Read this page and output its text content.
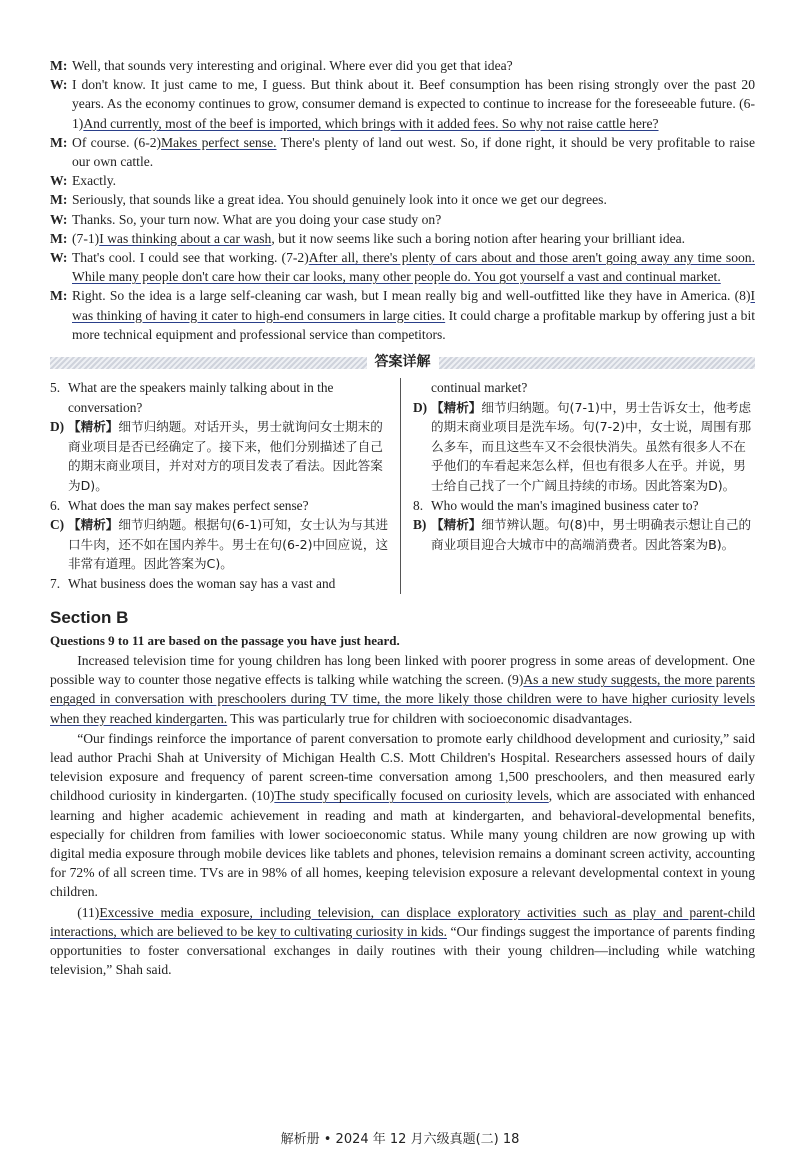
M: Well, that sounds very interesting and original. Where ever did you get that idea?
W: I don't know. It just came to me, I guess. But think about it. Beef consumption has been rising strongly over the past 20 years. As the economy continues to grow, consumer demand is expected to continue to increase for the foreseeable future. (6-1)And currently, most of the beef is imported, which brings with it added fees. So why not raise cattle here?
M: Of course. (6-2)Makes perfect sense. There's plenty of land out west. So, if done right, it should be very profitable to raise our own cattle.
W: Exactly.
M: Seriously, that sounds like a great idea. You should genuinely look into it once we get our degrees.
W: Thanks. So, your turn now. What are you doing your case study on?
M: (7-1)I was thinking about a car wash, but it now seems like such a boring notion after hearing your brilliant idea.
W: That's cool. I could see that working. (7-2)After all, there's plenty of cars about and those aren't going away any time soon. While many people don't care how their car looks, many other people do. You got yourself a vast and continual market.
M: Right. So the idea is a large self-cleaning car wash, but I mean really big and well-outfitted like they have in America. (8)I was thinking of having it cater to high-end consumers in large cities. It could charge a profitable markup by offering just a bit more technical equipment and professional service than competitors.
答案详解
5. What are the speakers mainly talking about in the conversation?
D) 【精析】细节归纳题。对话开头，男士就询问女士期末的商业项目是否已经确定了。接下来，他们分别描述了自己的期末商业项目，并对对方的项目发表了看法。因此答案为D)。
6. What does the man say makes perfect sense?
C) 【精析】细节归纳题。根据句(6-1)可知，女士认为与其进口牛肉，还不如在国内养牛。男士在句(6-2)中回应说，这非常有道理。因此答案为C)。
7. What business does the woman say has a vast and
continual market?
D) 【精析】细节归纳题。句(7-1)中，男士告诉女士，他考虑的期末商业项目是洗车场。句(7-2)中，女士说，周围有那么多车，而且这些车又不会很快消失。虽然有很多人不在乎他们的车看起来怎么样，但也有很多人在乎。并说，男士给自己找了一个广阔且持续的市场。因此答案为D)。
8. Who would the man's imagined business cater to?
B) 【精析】细节辨认题。句(8)中，男士明确表示想让自己的商业项目迎合大城市中的高端消费者。因此答案为B)。
Section B
Questions 9 to 11 are based on the passage you have just heard.
Increased television time for young children has long been linked with poorer progress in some areas of development. One possible way to counter those negative effects is talking while watching the screen. (9)As a new study suggests, the more parents engaged in conversation with preschoolers during TV time, the more likely those children were to have higher curiosity levels when they reached kindergarten. This was particularly true for children with socioeconomic disadvantages.
“Our findings reinforce the importance of parent conversation to promote early childhood development and curiosity,” said lead author Prachi Shah at University of Michigan Health C.S. Mott Children's Hospital. Researchers assessed hours of daily television exposure and frequency of parent screen-time conversation among 1,500 preschoolers, and then measured early childhood curiosity in kindergarten. (10)The study specifically focused on curiosity levels, which are associated with enhanced learning and higher academic achievement in reading and math at kindergarten, and behavioral-developmental benefits, especially for children from families with lower socioeconomic status. While many young children are now growing up with digital media exposure through mobile devices like tablets and phones, television remains a dominant screen activity, accounting for 72% of all screen time. TVs are in 98% of all homes, keeping television exposure a relevant developmental context in young children.
(11)Excessive media exposure, including television, can displace exploratory activities such as play and parent-child interactions, which are believed to be key to cultivating curiosity in kids. “Our findings suggest the importance of parents finding opportunities to foster conversational exchanges in daily routines with their young children—including while watching television,” Shah said.
解析册 • 2024 年 12 月六级真题(二) 18
